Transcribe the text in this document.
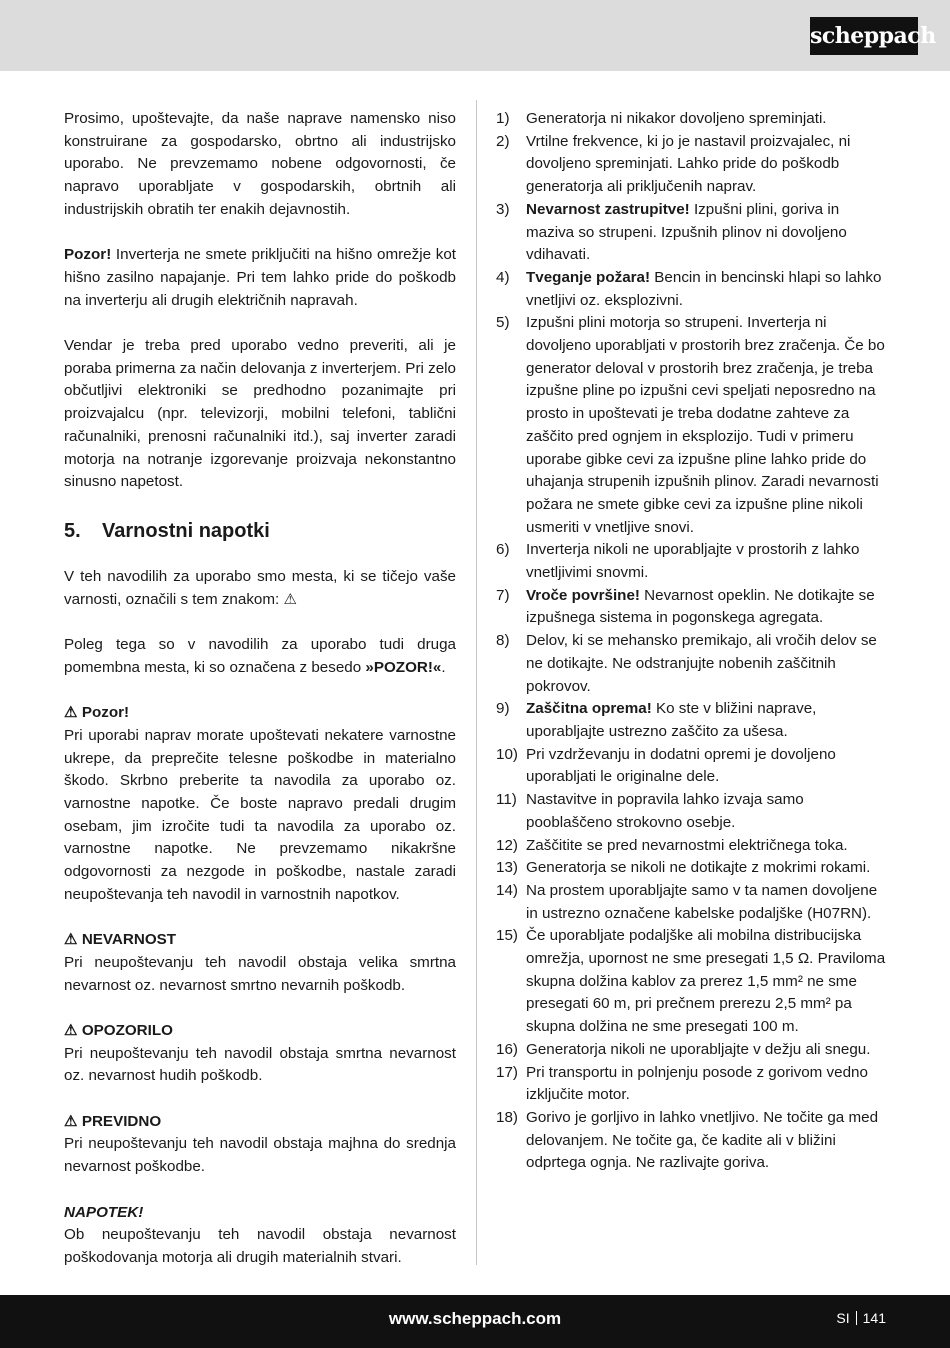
scheppach

Prosimo, upoštevajte, da naše naprave namensko niso konstruirane za gospodarsko, obrtno ali industrijsko uporabo. Ne prevzemamo nobene odgovornosti, če napravo uporabljate v gospodarskih, obrtnih ali industrijskih obratih ter enakih dejavnostih.

Pozor! Inverterja ne smete priključiti na hišno omrežje kot hišno zasilno napajanje. Pri tem lahko pride do poškodb na inverterju ali drugih električnih napravah.

Vendar je treba pred uporabo vedno preveriti, ali je poraba primerna za način delovanja z inverterjem. Pri zelo občutljivi elektroniki se predhodno pozanimajte pri proizvajalcu (npr. televizorji, mobilni telefoni, tablični računalniki, prenosni računalniki itd.), saj inverter zaradi motorja na notranje izgorevanje proizvaja nekonstantno sinusno napetost.

5. Varnostni napotki

V teh navodilih za uporabo smo mesta, ki se tičejo vaše varnosti, označili s tem znakom: ⚠

Poleg tega so v navodilih za uporabo tudi druga pomembna mesta, ki so označena z besedo »POZOR!«.

⚠ Pozor!

Pri uporabi naprav morate upoštevati nekatere varnostne ukrepe, da preprečite telesne poškodbe in materialno škodo. Skrbno preberite ta navodila za uporabo oz. varnostne napotke. Če boste napravo predali drugim osebam, jim izročite tudi ta navodila za uporabo oz. varnostne napotke. Ne prevzemamo nikakršne odgovornosti za nezgode in poškodbe, nastale zaradi neupoštevanja teh navodil in varnostnih napotkov.

⚠ NEVARNOST

Pri neupoštevanju teh navodil obstaja velika smrtna nevarnost oz. nevarnost smrtno nevarnih poškodb.

⚠ OPOZORILO

Pri neupoštevanju teh navodil obstaja smrtna nevarnost oz. nevarnost hudih poškodb.

⚠ PREVIDNO

Pri neupoštevanju teh navodil obstaja majhna do srednja nevarnost poškodbe.

NAPOTEK!

Ob neupoštevanju teh navodil obstaja nevarnost poškodovanja motorja ali drugih materialnih stvari.

1) Generatorja ni nikakor dovoljeno spreminjati.
2) Vrtilne frekvence, ki jo je nastavil proizvajalec, ni dovoljeno spreminjati. Lahko pride do poškodb generatorja ali priključenih naprav.
3) Nevarnost zastrupitve! Izpušni plini, goriva in maziva so strupeni. Izpušnih plinov ni dovoljeno vdihavati.
4) Tveganje požara! Bencin in bencinski hlapi so lahko vnetljivi oz. eksplozivni.
5) Izpušni plini motorja so strupeni. Inverterja ni dovoljeno uporabljati v prostorih brez zračenja. Če bo generator deloval v prostorih brez zračenja, je treba izpušne pline po izpušni cevi speljati neposredno na prosto in upoštevati je treba dodatne zahteve za zaščito pred ognjem in eksplozijo. Tudi v primeru uporabe gibke cevi za izpušne pline lahko pride do uhajanja strupenih izpušnih plinov. Zaradi nevarnosti požara ne smete gibke cevi za izpušne pline nikoli usmeriti v vnetljive snovi.
6) Inverterja nikoli ne uporabljajte v prostorih z lahko vnetljivimi snovmi.
7) Vroče površine! Nevarnost opeklin. Ne dotikajte se izpušnega sistema in pogonskega agregata.
8) Delov, ki se mehansko premikajo, ali vročih delov se ne dotikajte. Ne odstranjujte nobenih zaščitnih pokrovov.
9) Zaščitna oprema! Ko ste v bližini naprave, uporabljajte ustrezno zaščito za ušesa.
10) Pri vzdrževanju in dodatni opremi je dovoljeno uporabljati le originalne dele.
11) Nastavitve in popravila lahko izvaja samo pooblaščeno strokovno osebje.
12) Zaščitite se pred nevarnostmi električnega toka.
13) Generatorja se nikoli ne dotikajte z mokrimi rokami.
14) Na prostem uporabljajte samo v ta namen dovoljene in ustrezno označene kabelske podaljške (H07RN).
15) Če uporabljate podaljške ali mobilna distribucijska omrežja, upornost ne sme presegati 1,5 Ω. Praviloma skupna dolžina kablov za prerez 1,5 mm² ne sme presegati 60 m, pri prečnem prerezu 2,5 mm² pa skupna dolžina ne sme presegati 100 m.
16) Generatorja nikoli ne uporabljajte v dežju ali snegu.
17) Pri transportu in polnjenju posode z gorivom vedno izključite motor.
18) Gorivo je gorljivo in lahko vnetljivo. Ne točite ga med delovanjem. Ne točite ga, če kadite ali v bližini odprtega ognja. Ne razlivajte goriva.
www.scheppach.com	SI 141
